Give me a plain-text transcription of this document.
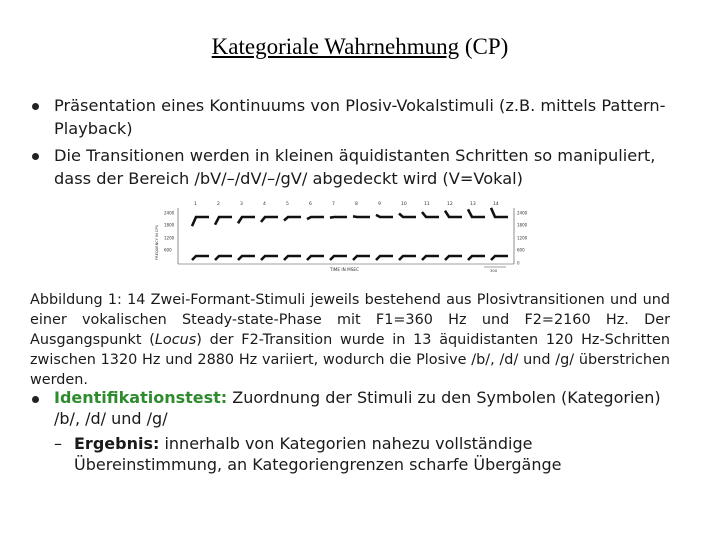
Kategoriale Wahrnehmung (CP)
Präsentation eines Kontinuums von Plosiv-Vokalstimuli (z.B. mittels Pattern-Playback)
Die Transitionen werden in kleinen äquidistanten Schritten so manipuliert, dass der Bereich /bV/–/dV/–/gV/ abgedeckt wird (V=Vokal)
1	2	3	4	5	6	7	8	9	10	11	12	13	14
2400
1800
1200
600
FREQUENCY IN CPS
2400
1800
1200
600
0
TIME IN MSEC	300
Abbildung 1: 14 Zwei-Formant-Stimuli jeweils bestehend aus Plosivtransitionen und und einer vokalischen Steady-state-Phase mit F1=360 Hz und F2=2160 Hz. Der Ausgangspunkt (Locus) der F2-Transition wurde in 13 äquidistanten 120 Hz-Schritten zwischen 1320 Hz und 2880 Hz variiert, wodurch die Plosive /b/, /d/ und /g/ überstrichen werden.
Identifikationstest: Zuordnung der Stimuli zu den Symbolen (Kategorien) /b/, /d/ und /g/
– Ergebnis: innerhalb von Kategorien nahezu vollständige Übereinstimmung, an Kategoriengrenzen scharfe Übergänge
